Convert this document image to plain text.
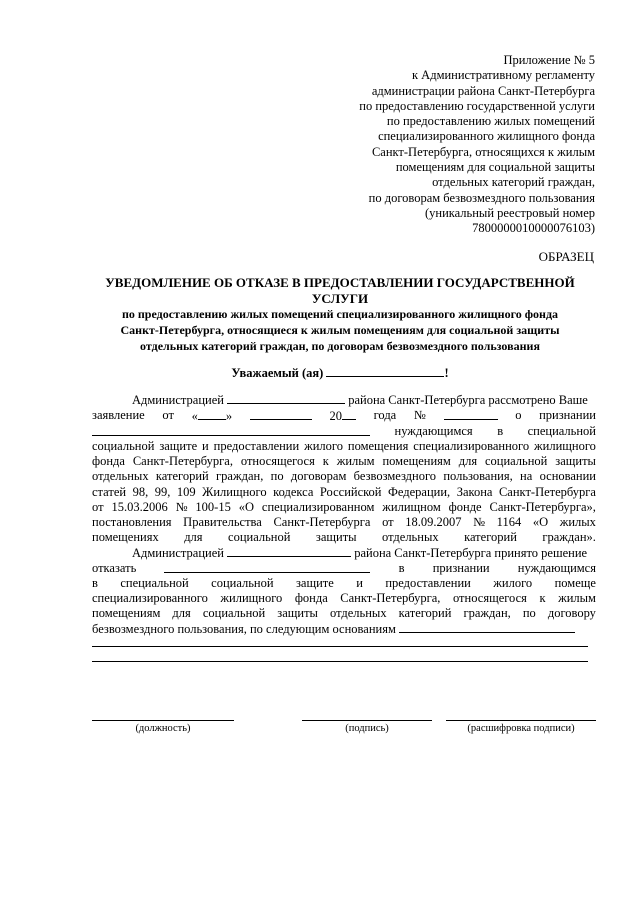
Приложение № 5
к Административному регламенту
администрации района Санкт-Петербурга
по предоставлению государственной услуги
по предоставлению жилых помещений
специализированного жилищного фонда
Санкт-Петербурга, относящихся к жилым
помещениям для социальной защиты
отдельных категорий граждан,
по договорам безвозмездного пользования
(уникальный реестровый номер
7800000010000076103)
ОБРАЗЕЦ
УВЕДОМЛЕНИЕ ОБ ОТКАЗЕ В ПРЕДОСТАВЛЕНИИ ГОСУДАРСТВЕННОЙ
УСЛУГИ
по предоставлению жилых помещений специализированного жилищного фонда
Санкт-Петербурга, относящиеся к жилым помещениям для социальной защиты
отдельных категорий граждан, по договорам безвозмездного пользования
Уважаемый (ая)	!
Администрацией	района Санкт-Петербурга рассмотрено Ваше
заявление от « »	20	года №	о признании
нуждающимся в специальной
социальной защите и предоставлении жилого помещения специализированного жилищного
фонда Санкт-Петербурга, относящегося к жилым помещениям для социальной защиты
отдельных категорий граждан, по договорам безвозмездного пользования, на основании
статей 98, 99, 109 Жилищного кодекса Российской Федерации, Закона Санкт-Петербурга
от 15.03.2006 № 100-15 «О специализированном жилищном фонде Санкт-Петербурга»,
постановления Правительства Санкт-Петербурга от 18.09.2007 № 1164 «О жилых
помещениях для социальной защиты отдельных категорий граждан».
Администрацией	района Санкт-Петербурга принято решение
отказать	в признании нуждающимся
в специальной социальной защите и предоставлении жилого помеще
специализированного жилищного фонда Санкт-Петербурга, относящегося к жилым
помещениям для социальной защиты отдельных категорий граждан, по договору
безвозмездного пользования, по следующим основаниям
(должность)	(подпись)	(расшифровка подписи)
